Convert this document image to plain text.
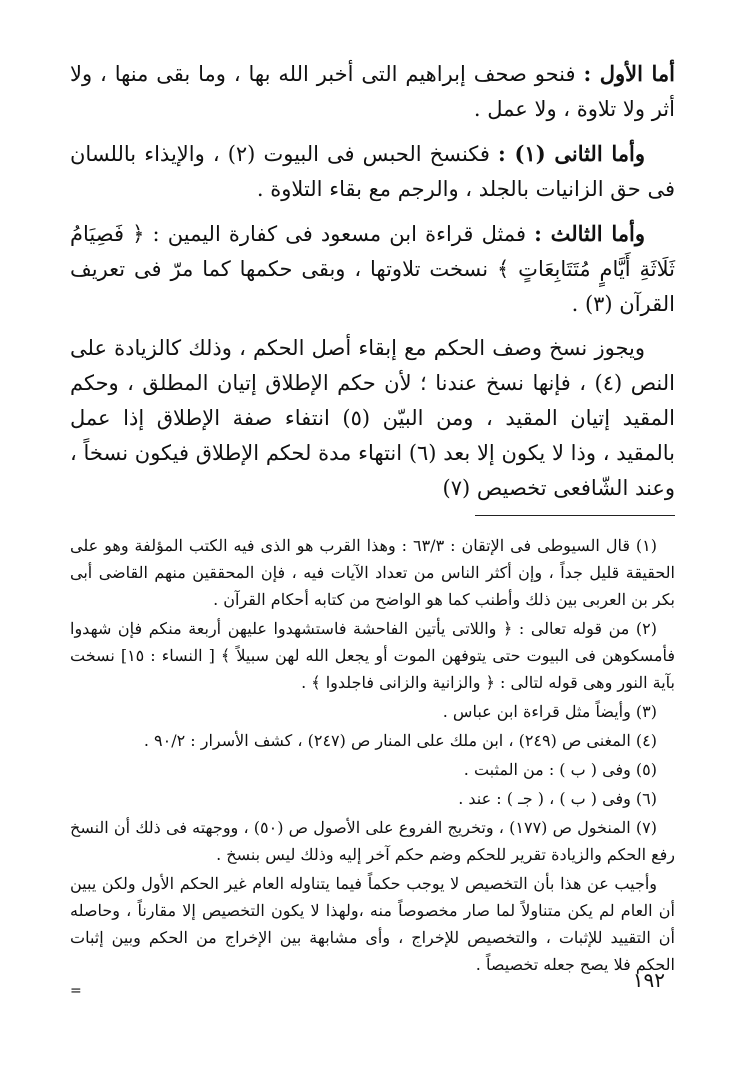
أما الأول : فنحو صحف إبراهيم التى أخبر الله بها ، وما بقى منها ، ولا أثر ولا تلاوة ، ولا عمل .

وأما الثانى (١) : فكنسخ الحبس فى البيوت (٢) ، والإيذاء باللسان فى حق الزانيات بالجلد ، والرجم مع بقاء التلاوة .

وأما الثالث : فمثل قراءة ابن مسعود فى كفارة اليمين : ﴿ فَصِيَامُ ثَلَاثَةِ أَيَّامٍ مُتَتَابِعَاتٍ ﴾ نسخت تلاوتها ، وبقى حكمها كما مرّ فى تعريف القرآن (٣) .

ويجوز نسخ وصف الحكم مع إبقاء أصل الحكم ، وذلك كالزيادة على النص (٤) ، فإنها نسخ عندنا ؛ لأن حكم الإطلاق إتيان المطلق ، وحكم المقيد إتيان المقيد ، ومن البيّن (٥) انتفاء صفة الإطلاق إذا عمل بالمقيد ، وذا لا يكون إلا بعد (٦) انتهاء مدة لحكم الإطلاق فيكون نسخاً ، وعند الشّافعى تخصيص (٧)

(١) قال السيوطى فى الإتقان : ٦٣/٣ : وهذا القرب هو الذى فيه الكتب المؤلفة وهو على الحقيقة قليل جداً ، وإن أكثر الناس من تعداد الآيات فيه ، فإن المحققين منهم القاضى أبى بكر بن العربى بين ذلك وأطنب كما هو الواضح من كتابه أحكام القرآن .

(٢) من قوله تعالى : ﴿ واللاتى يأتين الفاحشة فاستشهدوا عليهن أربعة منكم فإن شهدوا فأمسكوهن فى البيوت حتى يتوفهن الموت أو يجعل الله لهن سبيلاً ﴾ [ النساء : ١٥] نسخت بآية النور وهى قوله لتالى : ﴿ والزانية والزانى فاجلدوا ﴾ .

(٣) وأيضاً مثل قراءة ابن عباس .

(٤) المغنى ص (٢٤٩) ، ابن ملك على المنار ص (٢٤٧) ، كشف الأسرار : ٩٠/٢ .

(٥) وفى ( ب ) : من المثبت .

(٦) وفى ( ب ) ، ( جـ ) : عند .

(٧) المنخول ص (١٧٧) ، وتخريج الفروع على الأصول ص (٥٠) ، ووجهته فى ذلك أن النسخ رفع الحكم والزيادة تقرير للحكم وضم حكم آخر إليه وذلك ليس بنسخ .

وأجيب عن هذا بأن التخصيص لا يوجب حكماً فيما يتناوله العام غير الحكم الأول ولكن يبين أن العام لم يكن متناولاً لما صار مخصوصاً منه ،ولهذا لا يكون التخصيص إلا مقارناً ، وحاصله أن التقييد للإثبات ، والتخصيص للإخراج ، وأى مشابهة بين الإخراج من الحكم وبين إثبات الحكم فلا يصح جعله تخصيصاً .

=	١٩٢
